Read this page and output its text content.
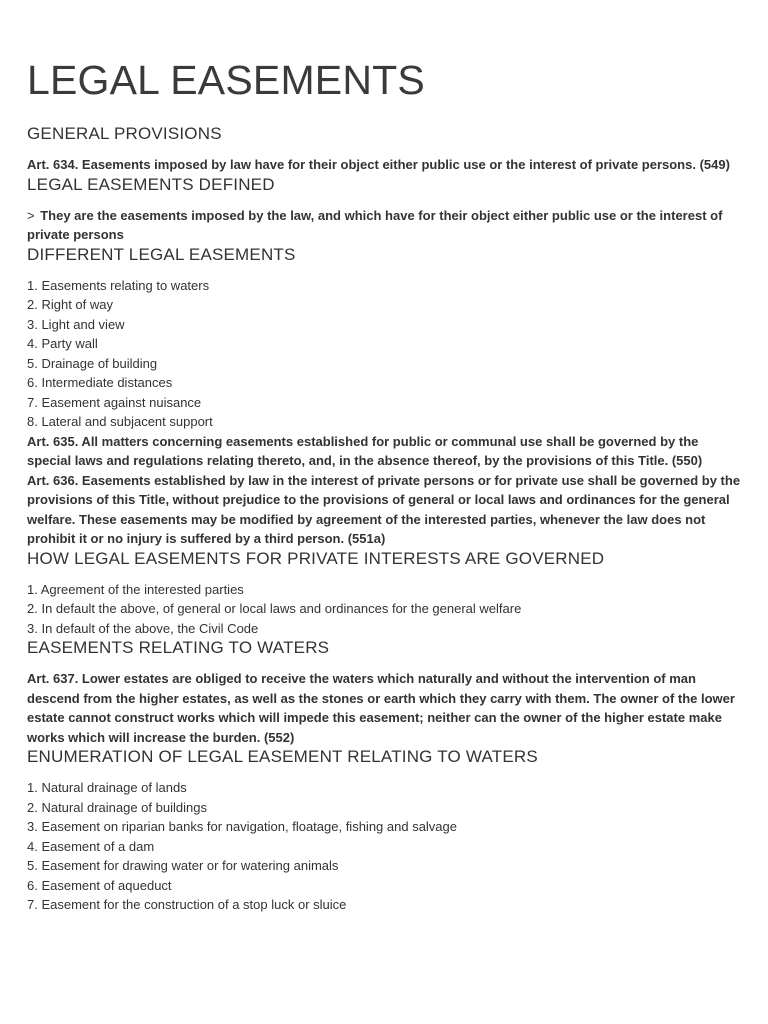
LEGAL EASEMENTS
GENERAL PROVISIONS

Art. 634. Easements imposed by law have for their object either public use or the interest of private persons. (549)

LEGAL EASEMENTS DEFINED

> They are the easements imposed by the law, and which have for their object either public use or the interest of private persons

DIFFERENT LEGAL EASEMENTS
1. Easements relating to waters
2. Right of way
3. Light and view
4. Party wall
5. Drainage of building
6. Intermediate distances
7. Easement against nuisance
8. Lateral and subjacent support

Art. 635. All matters concerning easements established for public or communal use shall be governed by the special laws and regulations relating thereto, and, in the absence thereof, by the provisions of this Title. (550)

Art. 636. Easements established by law in the interest of private persons or for private use shall be governed by the provisions of this Title, without prejudice to the provisions of general or local laws and ordinances for the general welfare. These easements may be modified by agreement of the interested parties, whenever the law does not prohibit it or no injury is suffered by a third person. (551a)

HOW LEGAL EASEMENTS FOR PRIVATE INTERESTS ARE GOVERNED
1. Agreement of the interested parties
2. In default the above, of general or local laws and ordinances for the general welfare
3. In default of the above, the Civil Code
EASEMENTS RELATING TO WATERS

Art. 637. Lower estates are obliged to receive the waters which naturally and without the intervention of man descend from the higher estates, as well as the stones or earth which they carry with them. The owner of the lower estate cannot construct works which will impede this easement; neither can the owner of the higher estate make works which will increase the burden. (552)

ENUMERATION OF LEGAL EASEMENT RELATING TO WATERS
1. Natural drainage of lands
2. Natural drainage of buildings
3. Easement on riparian banks for navigation, floatage, fishing and salvage
4. Easement of a dam
5. Easement for drawing water or for watering animals
6. Easement of aqueduct
7. Easement for the construction of a stop luck or sluice
